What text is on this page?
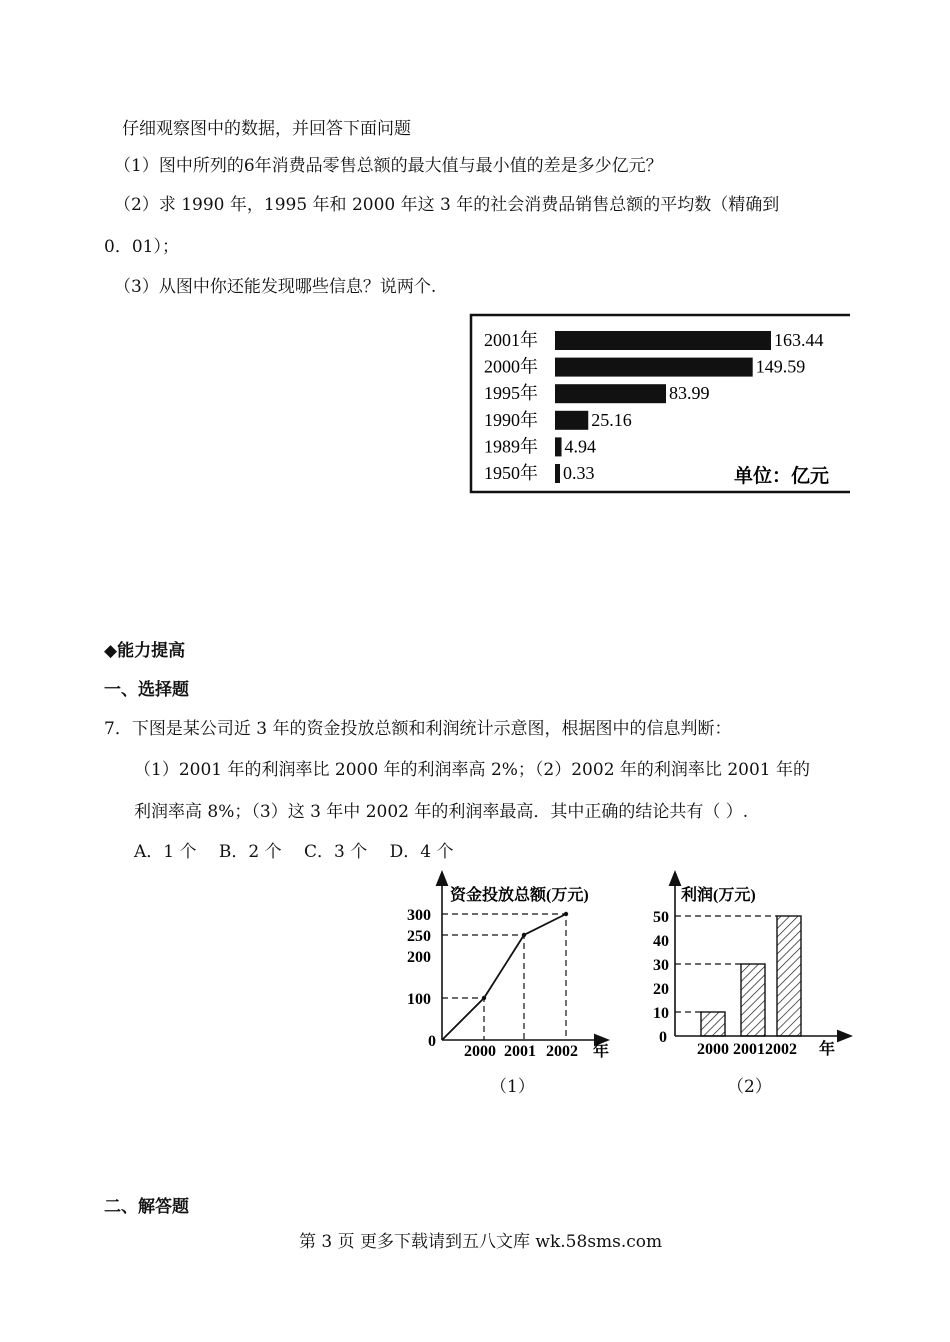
仔细观察图中的数据，并回答下面问题
（1）图中所列的6年消费品零售总额的最大值与最小值的差是多少亿元？
（2）求 1990 年，1995 年和 2000 年这 3 年的社会消费品销售总额的平均数（精确到
0．01）；
（3）从图中你还能发现哪些信息？说两个.
2001年	163.44
2000年	149.59
1995年	83.99
1990年	25.16
1989年 4.94
1950年 0.33	单位：亿元
◆能力提高
一、选择题
7．下图是某公司近 3 年的资金投放总额和利润统计示意图，根据图中的信息判断：
（1）2001 年的利润率比 2000 年的利润率高 2%；（2）2002 年的利润率比 2001 年的
利润率高 8%；（3）这 3 年中 2002 年的利润率最高．其中正确的结论共有（ ）.
A．1 个　 B．2 个　 C．3 个　 D．4 个
资金投放总额(万元)
年
300
250
200
100
0
2000 2001 2002
（1）
利润(万元)
2000 20012002 年
50
40
30
20
10
0
（2）
二、解答题
第 3 页 更多下载请到五八文库 wk.58sms.com
